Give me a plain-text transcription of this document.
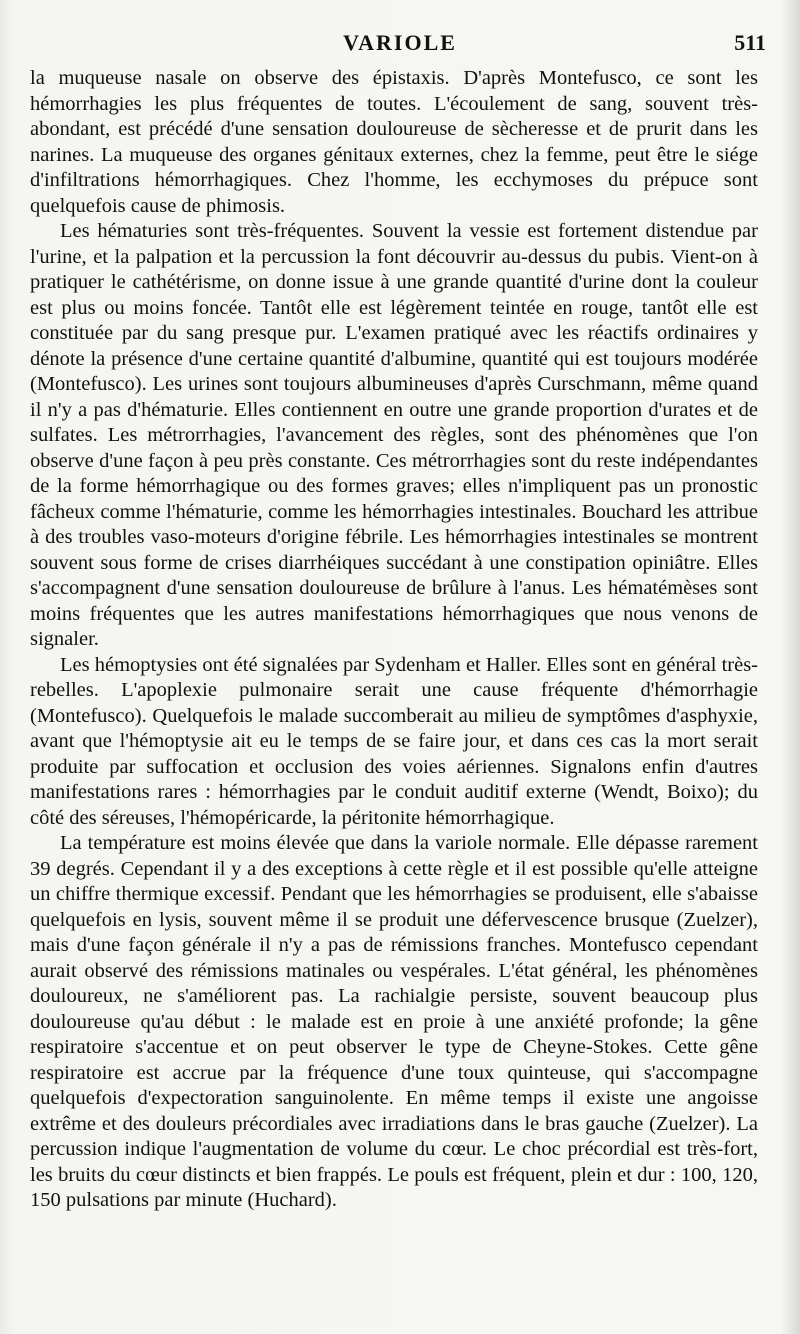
VARIOLE	511

la muqueuse nasale on observe des épistaxis. D'après Montefusco, ce sont les hémorrhagies les plus fréquentes de toutes. L'écoulement de sang, souvent très-abondant, est précédé d'une sensation douloureuse de sècheresse et de prurit dans les narines. La muqueuse des organes génitaux externes, chez la femme, peut être le siége d'infiltrations hémorrhagiques. Chez l'homme, les ecchymoses du prépuce sont quelquefois cause de phimosis.

Les hématuries sont très-fréquentes. Souvent la vessie est fortement distendue par l'urine, et la palpation et la percussion la font découvrir au-dessus du pubis. Vient-on à pratiquer le cathétérisme, on donne issue à une grande quantité d'urine dont la couleur est plus ou moins foncée. Tantôt elle est légèrement teintée en rouge, tantôt elle est constituée par du sang presque pur. L'examen pratiqué avec les réactifs ordinaires y dénote la présence d'une certaine quantité d'albumine, quantité qui est toujours modérée (Montefusco). Les urines sont toujours albumineuses d'après Curschmann, même quand il n'y a pas d'hématurie. Elles contiennent en outre une grande proportion d'urates et de sulfates. Les métrorrhagies, l'avancement des règles, sont des phénomènes que l'on observe d'une façon à peu près constante. Ces métrorrhagies sont du reste indépendantes de la forme hémorrhagique ou des formes graves; elles n'impliquent pas un pronostic fâcheux comme l'hématurie, comme les hémorrhagies intestinales. Bouchard les attribue à des troubles vaso-moteurs d'origine fébrile. Les hémorrhagies intestinales se montrent souvent sous forme de crises diarrhéiques succédant à une constipation opiniâtre. Elles s'accompagnent d'une sensation douloureuse de brûlure à l'anus. Les hématémèses sont moins fréquentes que les autres manifestations hémorrhagiques que nous venons de signaler.

Les hémoptysies ont été signalées par Sydenham et Haller. Elles sont en général très-rebelles. L'apoplexie pulmonaire serait une cause fréquente d'hémorrhagie (Montefusco). Quelquefois le malade succomberait au milieu de symptômes d'asphyxie, avant que l'hémoptysie ait eu le temps de se faire jour, et dans ces cas la mort serait produite par suffocation et occlusion des voies aériennes. Signalons enfin d'autres manifestations rares : hémorrhagies par le conduit auditif externe (Wendt, Boixo); du côté des séreuses, l'hémopéricarde, la péritonite hémorrhagique.

La température est moins élevée que dans la variole normale. Elle dépasse rarement 39 degrés. Cependant il y a des exceptions à cette règle et il est possible qu'elle atteigne un chiffre thermique excessif. Pendant que les hémorrhagies se produisent, elle s'abaisse quelquefois en lysis, souvent même il se produit une défervescence brusque (Zuelzer), mais d'une façon générale il n'y a pas de rémissions franches. Montefusco cependant aurait observé des rémissions matinales ou vespérales. L'état général, les phénomènes douloureux, ne s'améliorent pas. La rachialgie persiste, souvent beaucoup plus douloureuse qu'au début : le malade est en proie à une anxiété profonde; la gêne respiratoire s'accentue et on peut observer le type de Cheyne-Stokes. Cette gêne respiratoire est accrue par la fréquence d'une toux quinteuse, qui s'accompagne quelquefois d'expectoration sanguinolente. En même temps il existe une angoisse extrême et des douleurs précordiales avec irradiations dans le bras gauche (Zuelzer). La percussion indique l'augmentation de volume du cœur. Le choc précordial est très-fort, les bruits du cœur distincts et bien frappés. Le pouls est fréquent, plein et dur : 100, 120, 150 pulsations par minute (Huchard).
